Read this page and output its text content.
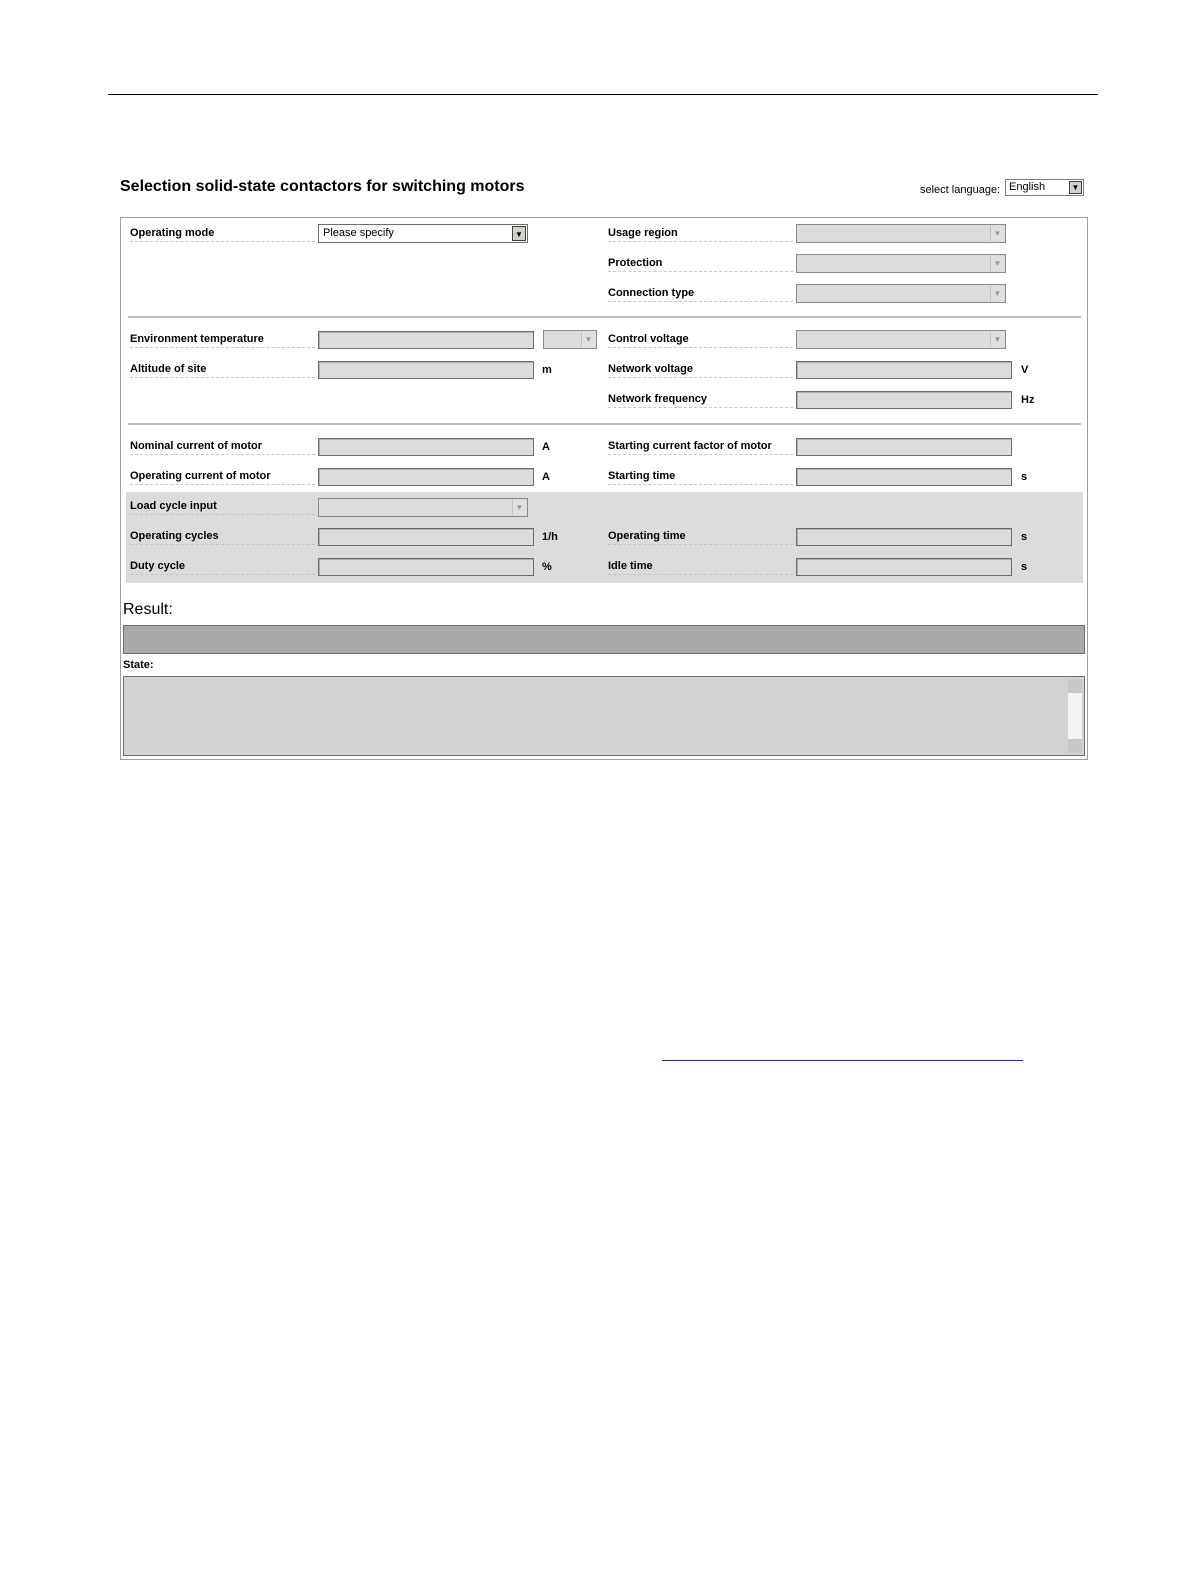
Selection solid-state contactors for switching motors	select language: English	▼
Operating mode	Please specify	▼	Usage region	▼
Protection	▼
Connection type	▼
Environment temperature	▼ Control voltage	▼
Altitude of site	m	Network voltage	V
Network frequency	Hz
Nominal current of motor	A	Starting current factor of motor
Operating current of motor	A	Starting time	s
Load cycle input	▼
Operating cycles	1/h	Operating time	s
Duty cycle	%	Idle time	s
Result:
State:
